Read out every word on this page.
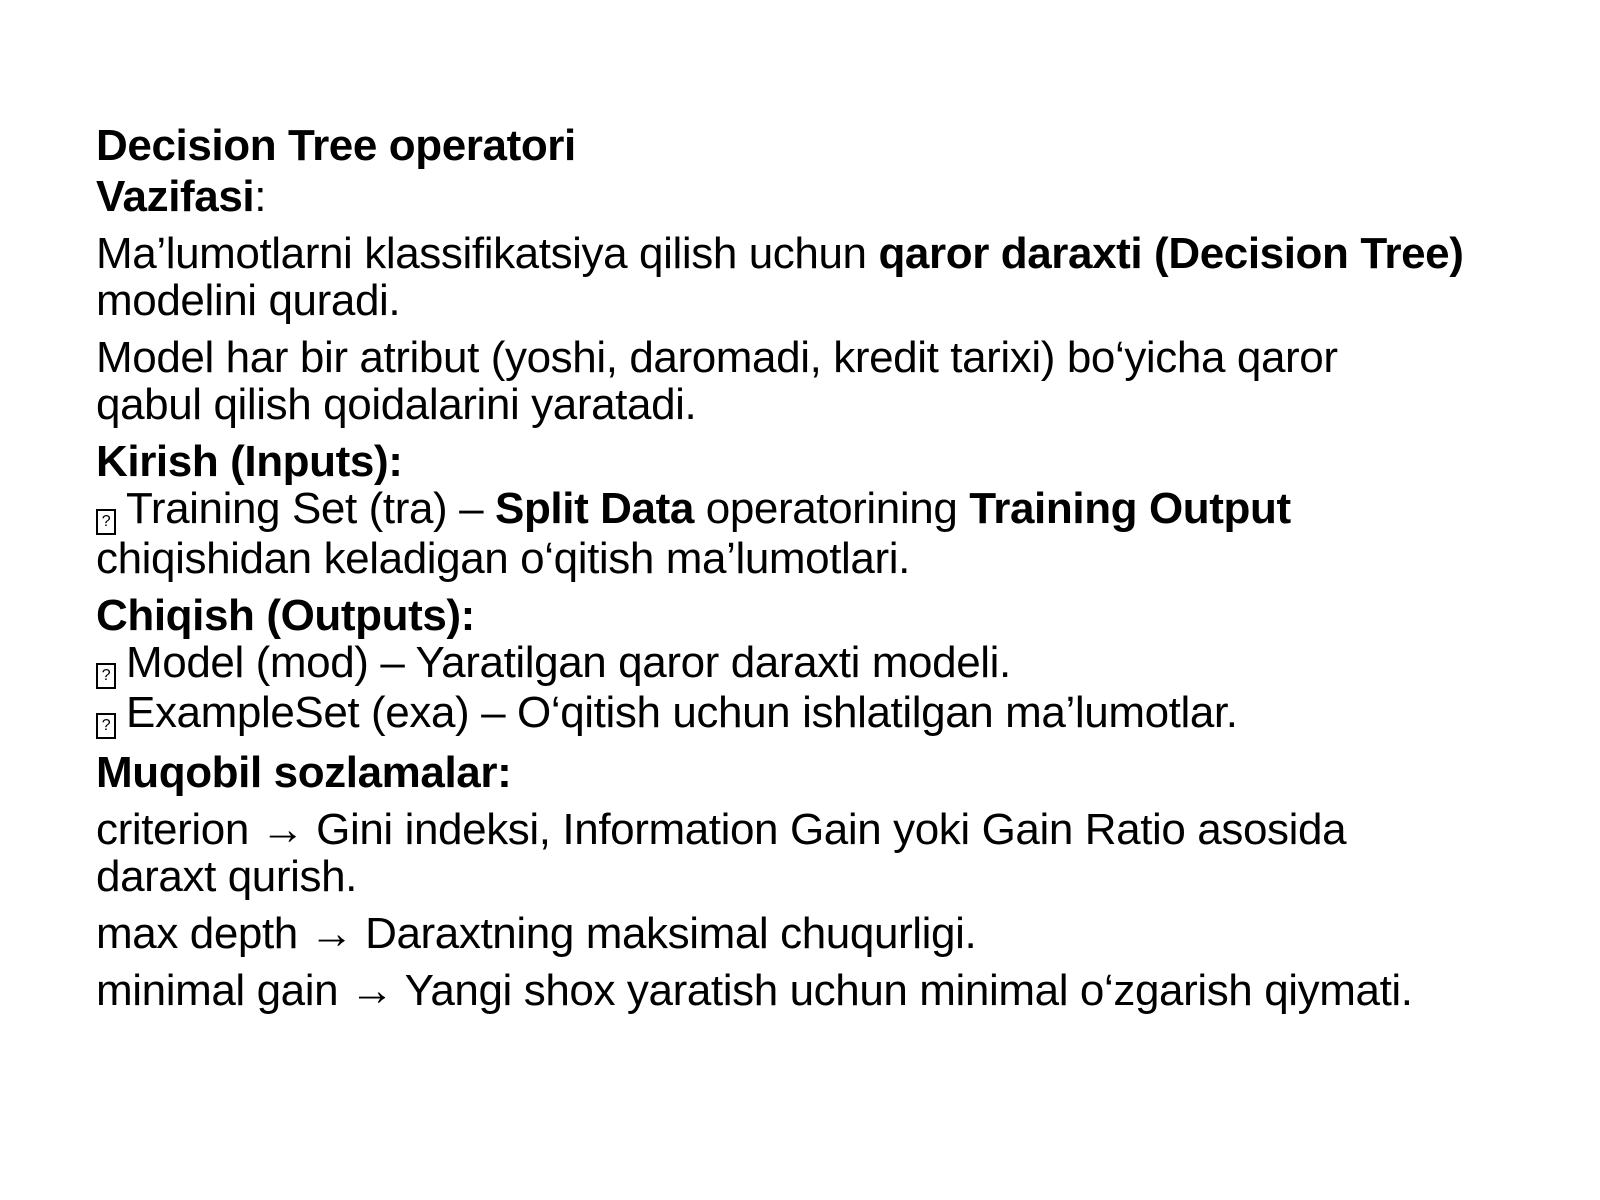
Decision Tree operatori

Vazifasi:

Ma’lumotlarni klassifikatsiya qilish uchun qaror daraxti (Decision Tree)

modelini quradi.

Model har bir atribut (yoshi, daromadi, kredit tarixi) bo‘yicha qaror

qabul qilish qoidalarini yaratadi.

Kirish (Inputs):

? Training Set (tra) – Split Data operatorining Training Output

chiqishidan keladigan o‘qitish ma’lumotlari.

Chiqish (Outputs):

? Model (mod) – Yaratilgan qaror daraxti modeli.

? ExampleSet (exa) – O‘qitish uchun ishlatilgan ma’lumotlar.

Muqobil sozlamalar:

criterion → Gini indeksi, Information Gain yoki Gain Ratio asosida

daraxt qurish.

max depth → Daraxtning maksimal chuqurligi.

minimal gain → Yangi shox yaratish uchun minimal o‘zgarish qiymati.
